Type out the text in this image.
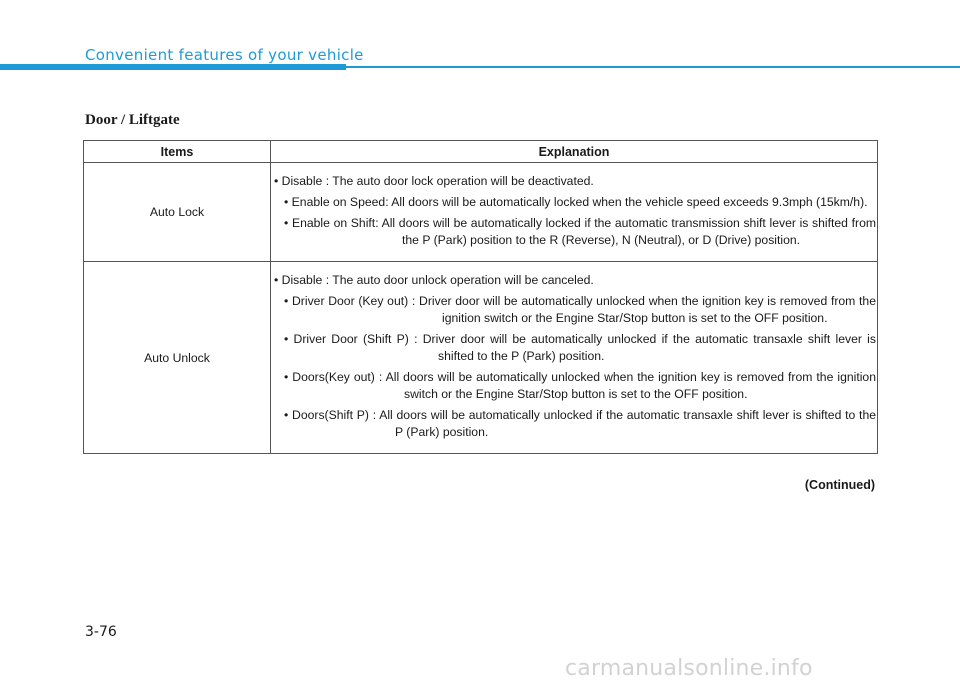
Convenient features of your vehicle
Door / Liftgate
Items	Explanation
Auto Lock	• Disable : The auto door lock operation will be deactivated.
• Enable on Speed: All doors will be automatically locked when the vehicle speed exceeds 9.3mph (15km/h).
• Enable on Shift: All doors will be automatically locked if the automatic transmission shift lever is shifted from the P (Park) position to the R (Reverse), N (Neutral), or D (Drive) position.

Auto Unlock	• Disable : The auto door unlock operation will be canceled.
• Driver Door (Key out) : Driver door will be automatically unlocked when the ignition key is removed from the ignition switch or the Engine Star/Stop button is set to the OFF position.
• Driver Door (Shift P) : Driver door will be automatically unlocked if the automatic transaxle shift lever is shifted to the P (Park) position.
• Doors(Key out) : All doors will be automatically unlocked when the ignition key is removed from the ignition switch or the Engine Star/Stop button is set to the OFF position.
• Doors(Shift P) : All doors will be automatically unlocked if the automatic transaxle shift lever is shifted to the P (Park) position.
(Continued)
3-76
carmanualsonline.info
